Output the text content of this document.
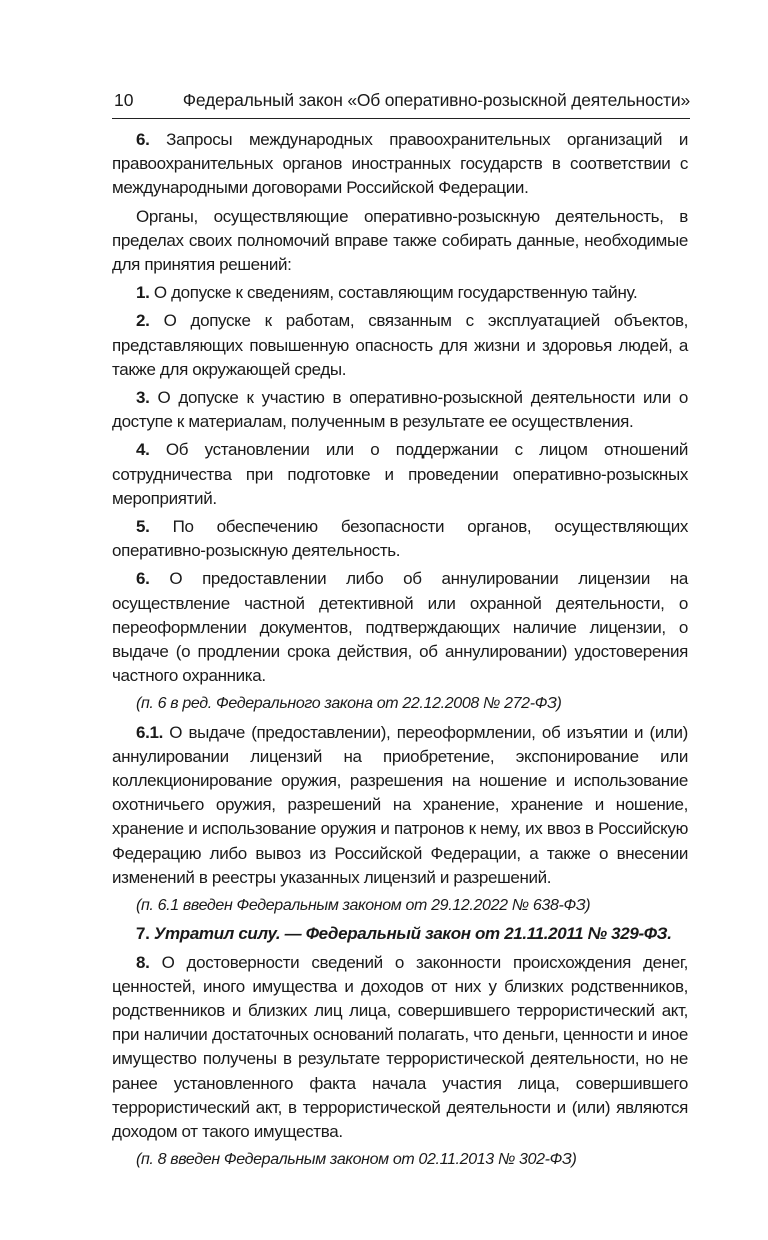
10	Федеральный закон «Об оперативно-розыскной деятельности»

6. Запросы международных правоохранительных организаций и правоохранительных органов иностранных государств в соответствии с международными договорами Российской Федерации.

Органы, осуществляющие оперативно-розыскную деятельность, в пределах своих полномочий вправе также собирать данные, необходимые для принятия решений:

1. О допуске к сведениям, составляющим государственную тайну.

2. О допуске к работам, связанным с эксплуатацией объектов, представляющих повышенную опасность для жизни и здоровья людей, а также для окружающей среды.

3. О допуске к участию в оперативно-розыскной деятельности или о доступе к материалам, полученным в результате ее осуществления.

4. Об установлении или о поддержании с лицом отношений сотрудничества при подготовке и проведении оперативно-розыскных мероприятий.

5. По обеспечению безопасности органов, осуществляющих оперативно-розыскную деятельность.

6. О предоставлении либо об аннулировании лицензии на осуществление частной детективной или охранной деятельности, о переоформлении документов, подтверждающих наличие лицензии, о выдаче (о продлении срока действия, об аннулировании) удостоверения частного охранника.

(п. 6 в ред. Федерального закона от 22.12.2008 № 272-ФЗ)

6.1. О выдаче (предоставлении), переоформлении, об изъятии и (или) аннулировании лицензий на приобретение, экспонирование или коллекционирование оружия, разрешения на ношение и использование охотничьего оружия, разрешений на хранение, хранение и ношение, хранение и использование оружия и патронов к нему, их ввоз в Российскую Федерацию либо вывоз из Российской Федерации, а также о внесении изменений в реестры указанных лицензий и разрешений.

(п. 6.1 введен Федеральным законом от 29.12.2022 № 638-ФЗ)

7. Утратил силу. — Федеральный закон от 21.11.2011 № 329-ФЗ.

8. О достоверности сведений о законности происхождения денег, ценностей, иного имущества и доходов от них у близких родственников, родственников и близких лиц лица, совершившего террористический акт, при наличии достаточных оснований полагать, что деньги, ценности и иное имущество получены в результате террористической деятельности, но не ранее установленного факта начала участия лица, совершившего террористический акт, в террористической деятельности и (или) являются доходом от такого имущества.

(п. 8 введен Федеральным законом от 02.11.2013 № 302-ФЗ)
